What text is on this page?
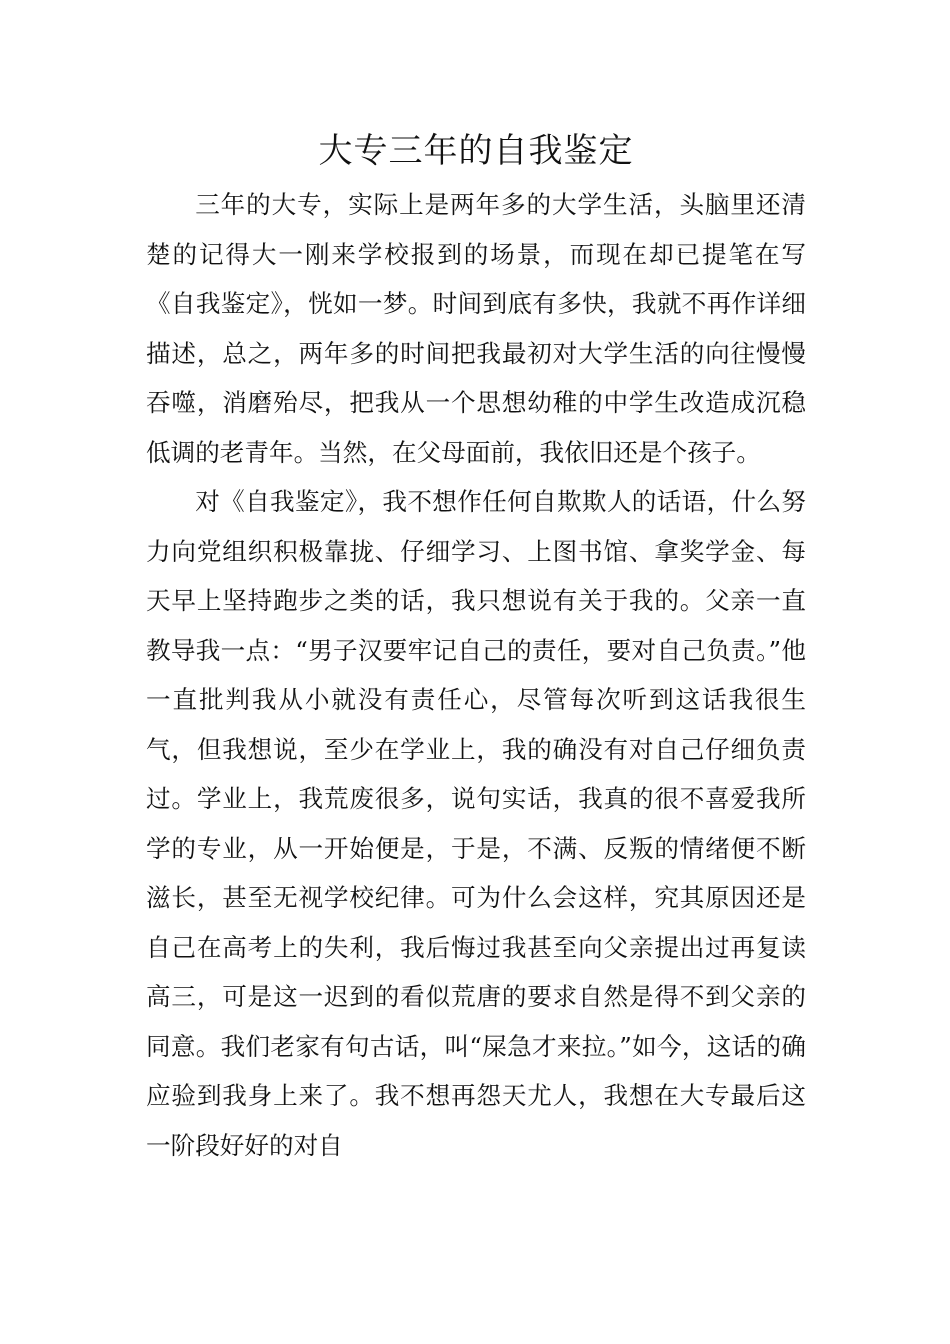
大专三年的自我鉴定

三年的大专，实际上是两年多的大学生活，头脑里还清楚的记得大一刚来学校报到的场景，而现在却已提笔在写《自我鉴定》，恍如一梦。时间到底有多快，我就不再作详细描述，总之，两年多的时间把我最初对大学生活的向往慢慢吞噬，消磨殆尽，把我从一个思想幼稚的中学生改造成沉稳低调的老青年。当然，在父母面前，我依旧还是个孩子。

对《自我鉴定》，我不想作任何自欺欺人的话语，什么努力向党组织积极靠拢、仔细学习、上图书馆、拿奖学金、每天早上坚持跑步之类的话，我只想说有关于我的。父亲一直教导我一点：“男子汉要牢记自己的责任，要对自己负责。”他一直批判我从小就没有责任心，尽管每次听到这话我很生气，但我想说，至少在学业上，我的确没有对自己仔细负责过。学业上，我荒废很多，说句实话，我真的很不喜爱我所学的专业，从一开始便是，于是，不满、反叛的情绪便不断滋长，甚至无视学校纪律。可为什么会这样，究其原因还是自己在高考上的失利，我后悔过我甚至向父亲提出过再复读高三，可是这一迟到的看似荒唐的要求自然是得不到父亲的同意。我们老家有句古话，叫“屎急才来拉。”如今，这话的确应验到我身上来了。我不想再怨天尤人，我想在大专最后这一阶段好好的对自
